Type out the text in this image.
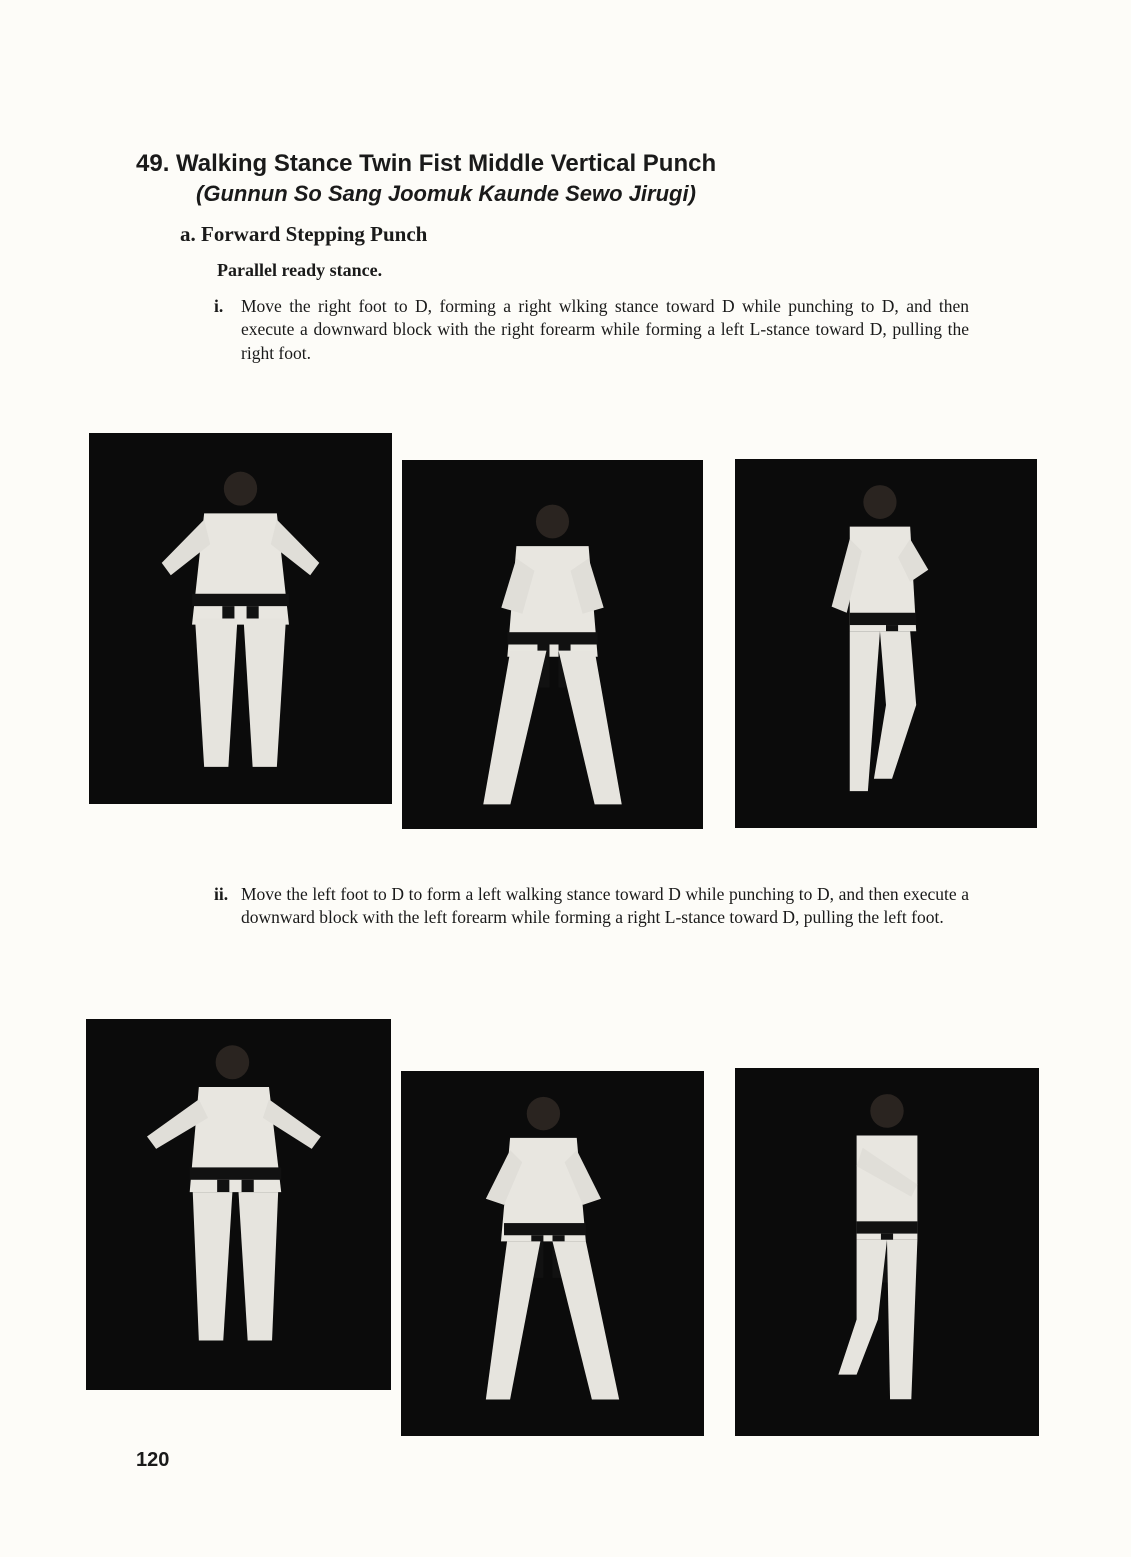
49. Walking Stance Twin Fist Middle Vertical Punch
(Gunnun So Sang Joomuk Kaunde Sewo Jirugi)
a. Forward Stepping Punch
Parallel ready stance.

i. Move the right foot to D, forming a right wlking stance toward D while punching to D, and then execute a downward block with the right forearm while forming a left L-stance toward D, pulling the right foot.

ii. Move the left foot to D to form a left walking stance toward D while punching to D, and then execute a downward block with the left forearm while forming a right L-stance toward D, pulling the left foot.

120
